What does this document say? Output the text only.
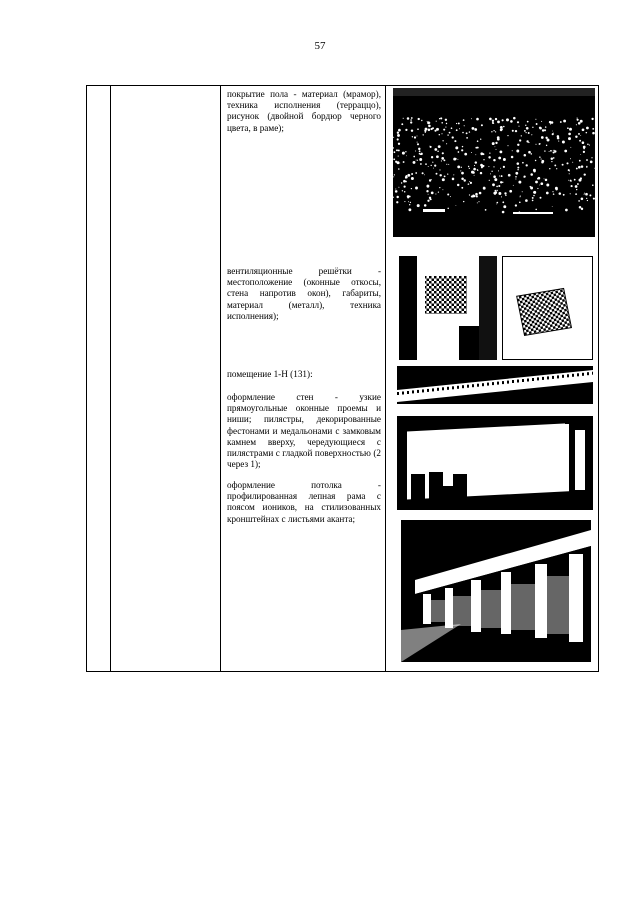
57
покрытие пола - материал (мрамор), техника исполнения (терраццо), рисунок (двойной бордюр черного цвета, в раме);
вентиляционные решётки - местоположение (оконные откосы, стена напротив окон), габариты, материал (металл), техника исполнения);
помещение 1-Н (131):
оформление стен - узкие прямоугольные оконные проемы и ниши; пилястры, декорированные фестонами и медальонами с замковым камнем вверху, чередующиеся с пилястрами с гладкой поверхностью (2 через 1);
оформление потолка - профилированная лепная рама с поясом иоников, на стилизованных кронштейнах с листьями аканта;
